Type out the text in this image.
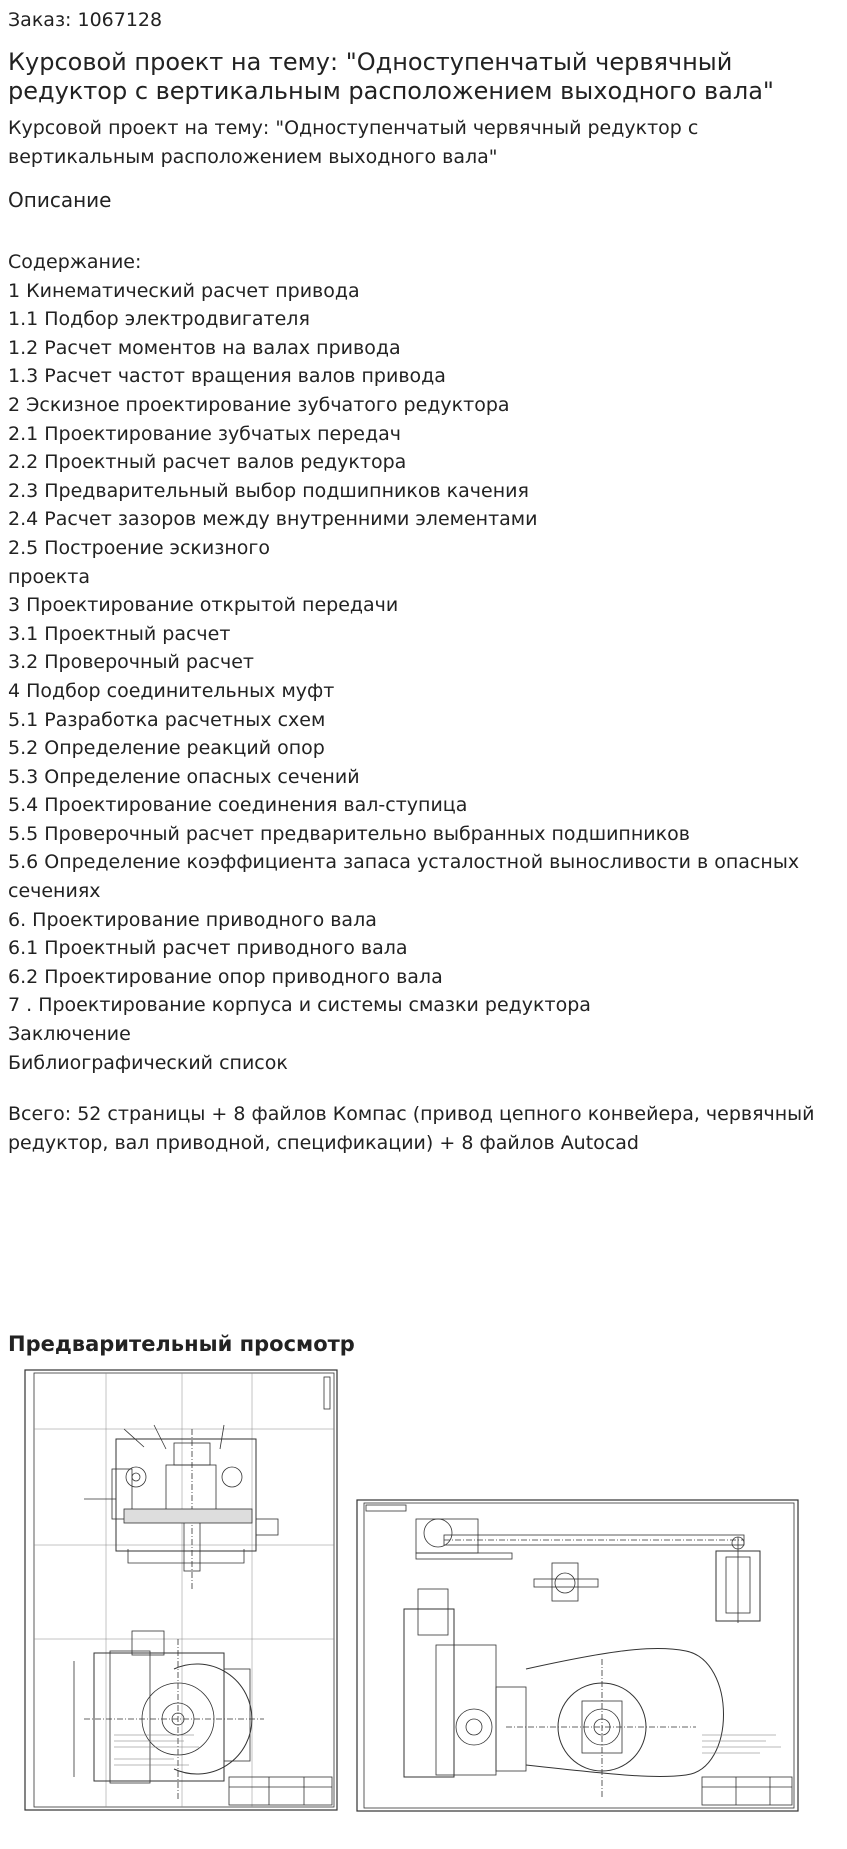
Заказ: 1067128
Курсовой проект на тему: "Одноступенчатый червячный редуктор с вертикальным расположением выходного вала"
Курсовой проект на тему: "Одноступенчатый червячный редуктор с вертикальным расположением выходного вала"
Описание
Содержание:
1 Кинематический расчет привода
1.1 Подбор электродвигателя
1.2 Расчет моментов на валах привода
1.3 Расчет частот вращения валов привода
2 Эскизное проектирование зубчатого редуктора
2.1 Проектирование зубчатых передач
2.2 Проектный расчет валов редуктора
2.3 Предварительный выбор подшипников качения
2.4 Расчет зазоров между внутренними элементами
2.5 Построение эскизного
проекта
3 Проектирование открытой передачи
3.1 Проектный расчет
3.2 Проверочный расчет
4 Подбор соединительных муфт
5.1 Разработка расчетных схем
5.2 Определение реакций опор
5.3 Определение опасных сечений
5.4 Проектирование соединения вал-ступица
5.5 Проверочный расчет предварительно выбранных подшипников
5.6 Определение коэффициента запаса усталостной выносливости в опасных сечениях
6. Проектирование приводного вала
6.1 Проектный расчет приводного вала
6.2 Проектирование опор приводного вала
7 . Проектирование корпуса и системы смазки редуктора
Заключение
Библиографический список
Всего: 52 страницы + 8 файлов Компас (привод цепного конвейера, червячный редуктор, вал приводной, спецификации) + 8 файлов Autocad
Предварительный просмотр
